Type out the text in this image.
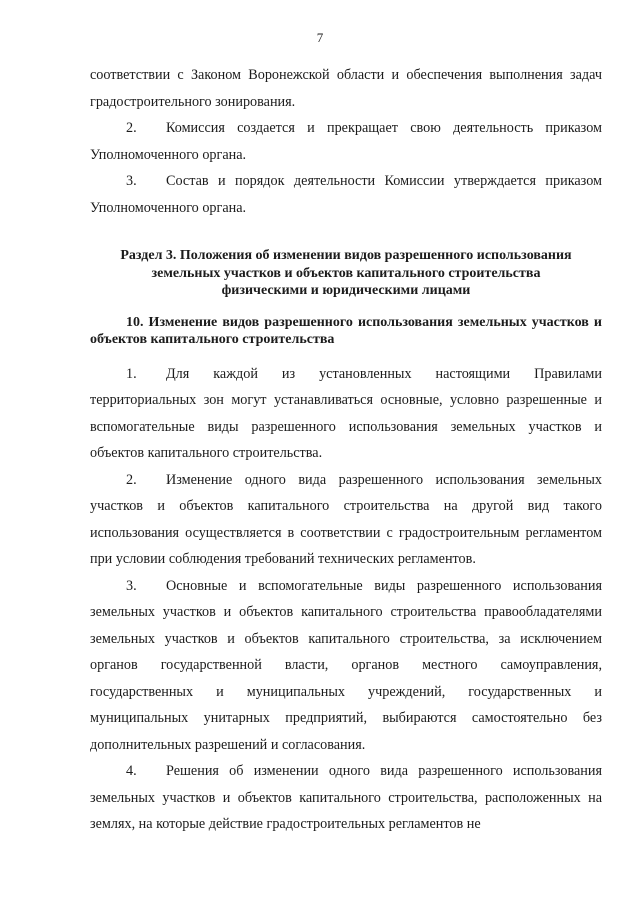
7

соответствии с Законом Воронежской области и обеспечения выполнения задач градостроительного зонирования.

2. Комиссия создается и прекращает свою деятельность приказом Уполномоченного органа.

3. Состав и порядок деятельности Комиссии утверждается приказом Уполномоченного органа.

Раздел 3. Положения об изменении видов разрешенного использования земельных участков и объектов капитального строительства физическими и юридическими лицами
10. Изменение видов разрешенного использования земельных участков и объектов капитального строительства

1. Для каждой из установленных настоящими Правилами территориальных зон могут устанавливаться основные, условно разрешенные и вспомогательные виды разрешенного использования земельных участков и объектов капитального строительства.

2. Изменение одного вида разрешенного использования земельных участков и объектов капитального строительства на другой вид такого использования осуществляется в соответствии с градостроительным регламентом при условии соблюдения требований технических регламентов.

3. Основные и вспомогательные виды разрешенного использования земельных участков и объектов капитального строительства правообладателями земельных участков и объектов капитального строительства, за исключением органов государственной власти, органов местного самоуправления, государственных и муниципальных учреждений, государственных и муниципальных унитарных предприятий, выбираются самостоятельно без дополнительных разрешений и согласования.

4. Решения об изменении одного вида разрешенного использования земельных участков и объектов капитального строительства, расположенных на землях, на которые действие градостроительных регламентов не
